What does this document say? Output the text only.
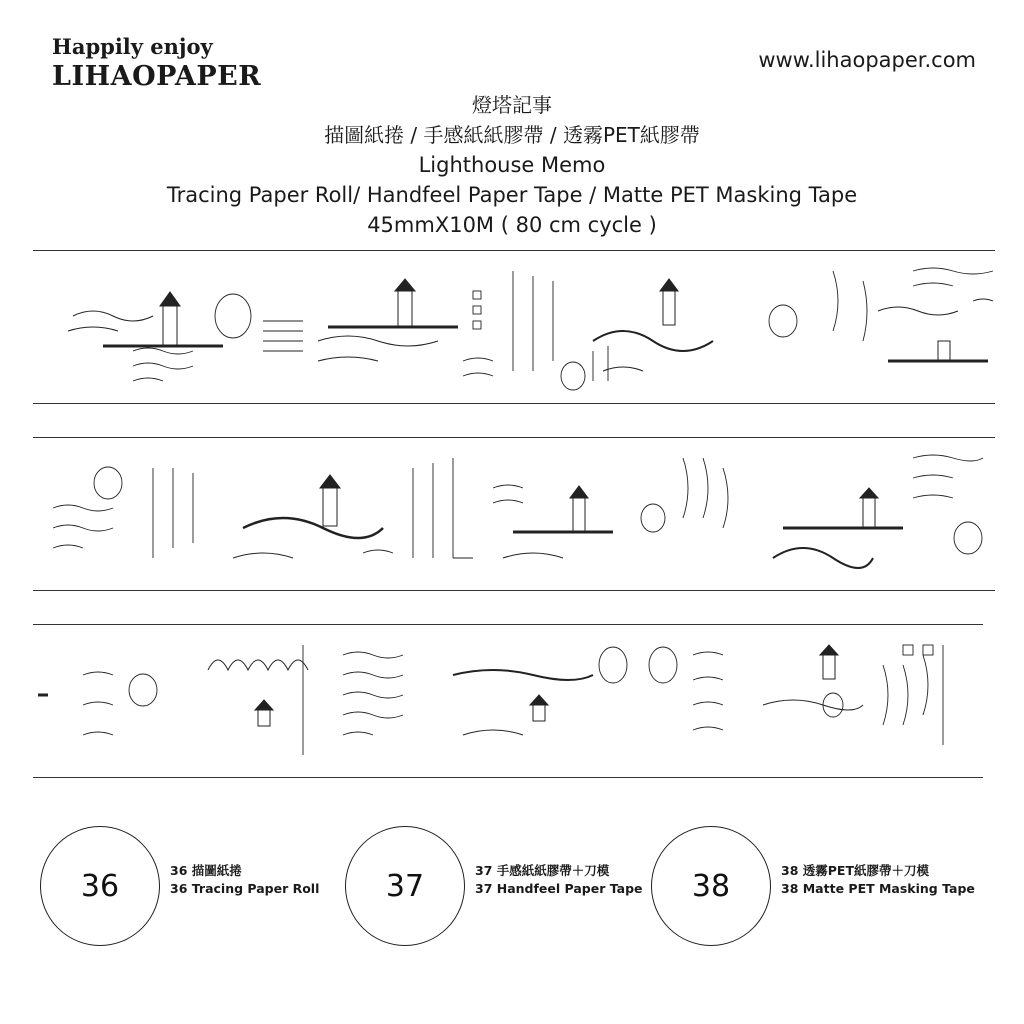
Happily enjoy
LIHAOPAPER
www.lihaopaper.com
燈塔記事
描圖紙捲 / 手感紙紙膠帶 / 透霧PET紙膠帶
Lighthouse Memo
Tracing Paper Roll/ Handfeel Paper Tape / Matte PET Masking Tape
45mmX10M ( 80 cm cycle )
36	36 描圖紙捲
36 Tracing Paper Roll	37	37 手感紙紙膠帶＋刀模
37 Handfeel Paper Tape	38	38 透霧PET紙膠帶＋刀模
38 Matte PET Masking Tape
